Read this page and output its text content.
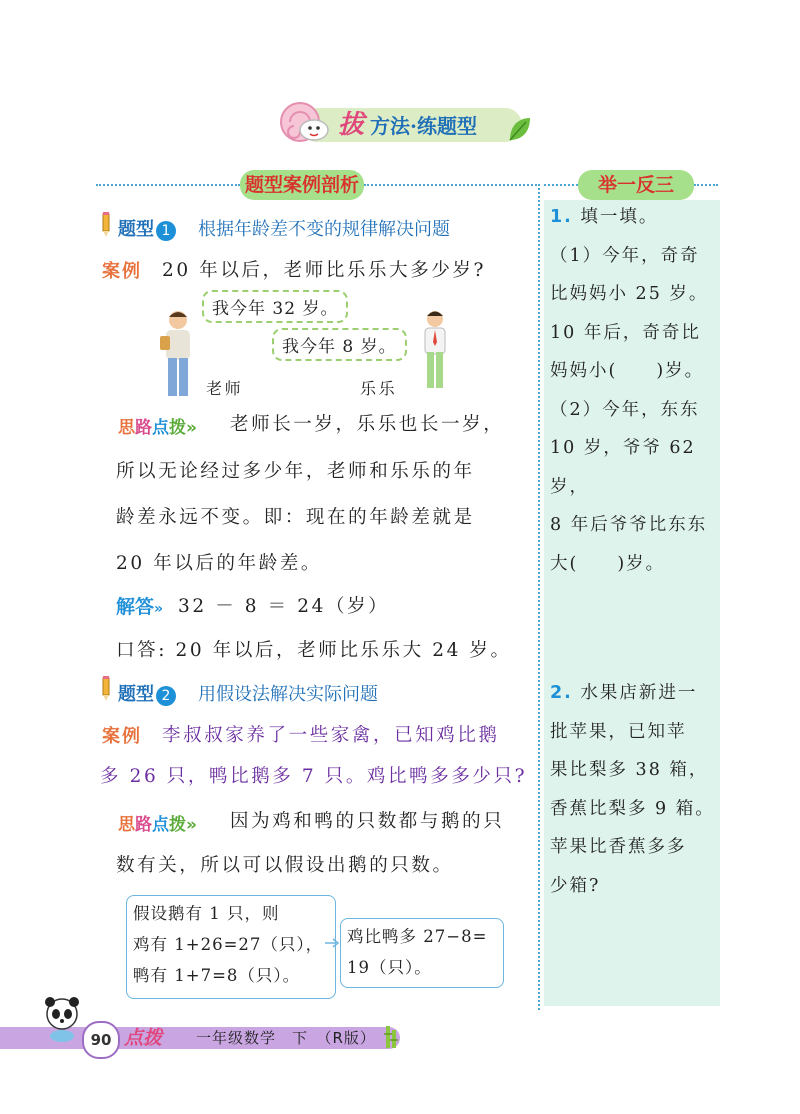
拔 方法·练题型
题型案例剖析	举一反三
1. 填一填。
（1）今年，奇奇
比妈妈小 25 岁。
10 年后，奇奇比
妈妈小(　　)岁。
（2）今年，东东
10 岁，爷爷 62 岁，
8 年后爷爷比东东
大(　　)岁。
2. 水果店新进一
批苹果，已知苹
果比梨多 38 箱，
香蕉比梨多 9 箱。
苹果比香蕉多多
少箱?
题型 1	根据年龄差不变的规律解决问题
案例 20 年以后，老师比乐乐大多少岁?
我今年 32 岁。
我今年 8 岁。
老师	乐乐
思路点拨» 老师长一岁，乐乐也长一岁，
所以无论经过多少年，老师和乐乐的年
龄差永远不变。即：现在的年龄差就是
20 年以后的年龄差。
解答» 32 － 8 ＝ 24（岁）
口答: 20 年以后，老师比乐乐大 24 岁。
题型 2	用假设法解决实际问题
案例 李叔叔家养了一些家禽，已知鸡比鹅
多 26 只，鸭比鹅多 7 只。鸡比鸭多多少只?
思路点拨» 因为鸡和鸭的只数都与鹅的只
数有关，所以可以假设出鹅的只数。
假设鹅有 1 只，则
鸡有 1+26=27（只），
鸭有 1+7=8（只）。
鸡比鸭多 27−8=
19（只）。
90 点拨 一年级数学　下　（R版）
